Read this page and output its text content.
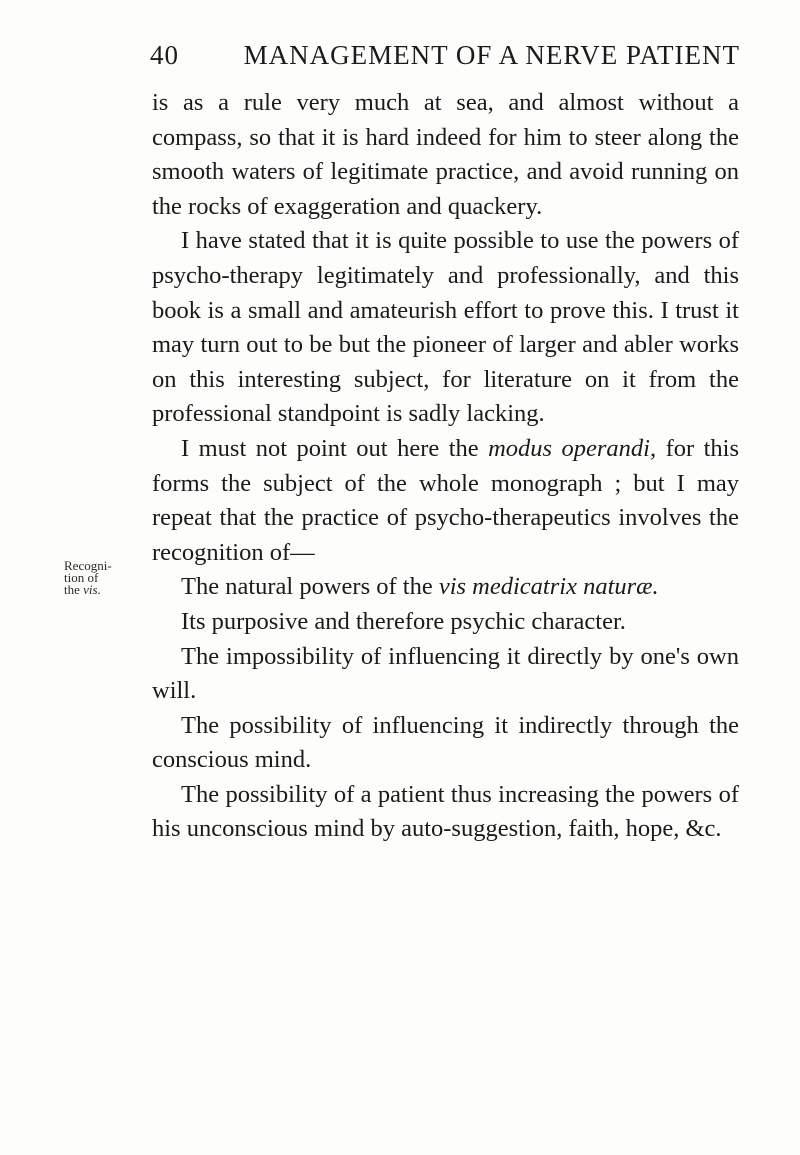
40 MANAGEMENT OF A NERVE PATIENT
Recogni-
tion of
the vis.

is as a rule very much at sea, and almost without a compass, so that it is hard indeed for him to steer along the smooth waters of legitimate practice, and avoid running on the rocks of exaggeration and quackery.

I have stated that it is quite possible to use the powers of psycho-therapy legitimately and professionally, and this book is a small and amateurish effort to prove this. I trust it may turn out to be but the pioneer of larger and abler works on this interesting subject, for literature on it from the professional standpoint is sadly lacking.

I must not point out here the modus operandi, for this forms the subject of the whole monograph ; but I may repeat that the practice of psycho-therapeutics involves the recognition of—

The natural powers of the vis medicatrix naturæ.

Its purposive and therefore psychic character.

The impossibility of influencing it directly by one's own will.

The possibility of influencing it indirectly through the conscious mind.

The possibility of a patient thus increasing the powers of his unconscious mind by auto-suggestion, faith, hope, &c.
